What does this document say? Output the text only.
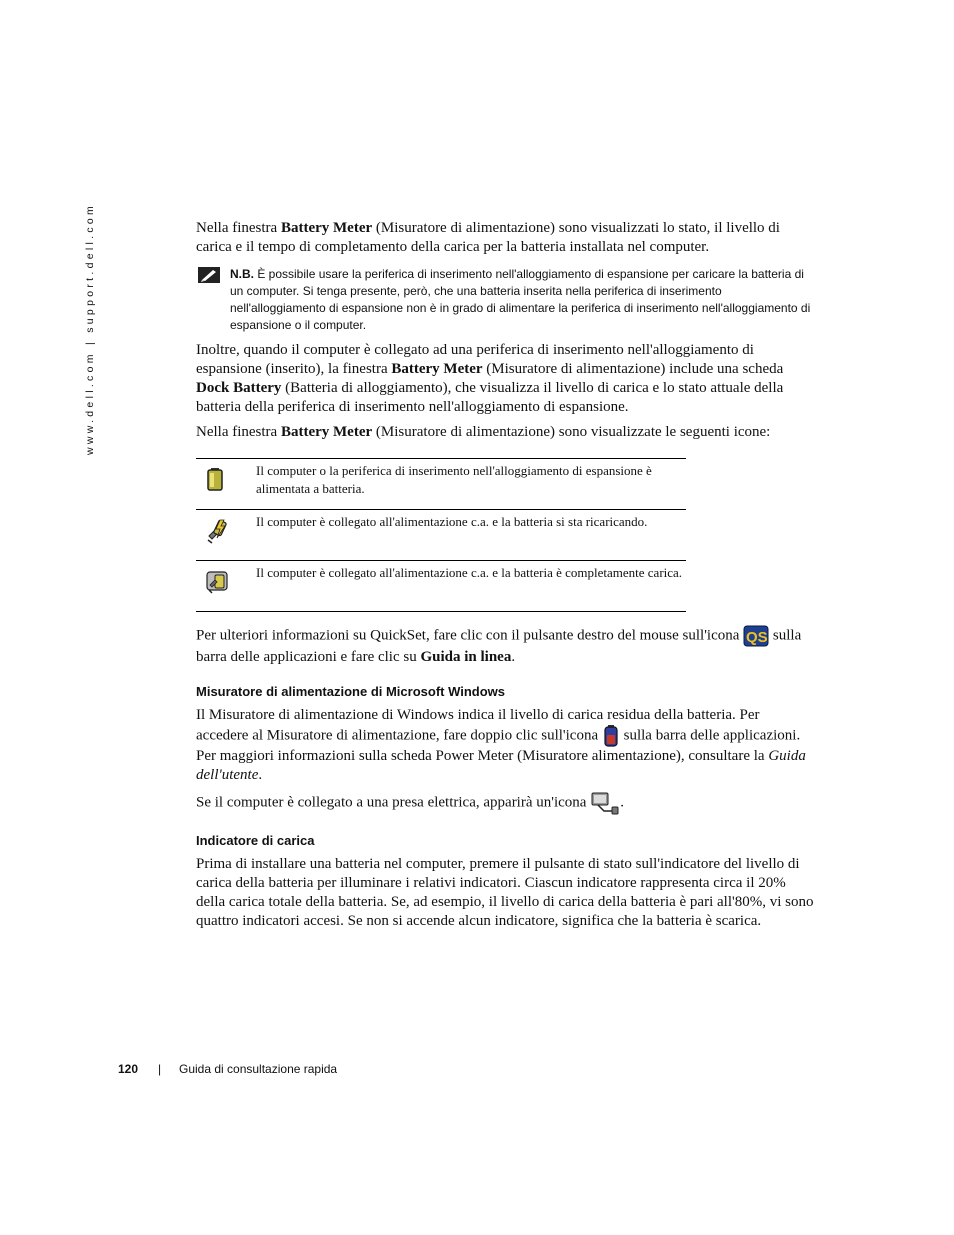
www.dell.com | support.dell.com	Nella finestra Battery Meter (Misuratore di alimentazione) sono visualizzati lo stato, il livello di carica e il tempo di completamento della carica per la batteria installata nel computer.

N.B. È possibile usare la periferica di inserimento nell'alloggiamento di espansione per caricare la batteria di un computer. Si tenga presente, però, che una batteria inserita nella periferica di inserimento nell'alloggiamento di espansione non è in grado di alimentare la periferica di inserimento nell'alloggiamento di espansione o il computer.

Inoltre, quando il computer è collegato ad una periferica di inserimento nell'alloggiamento di espansione (inserito), la finestra Battery Meter (Misuratore di alimentazione) include una scheda Dock Battery (Batteria di alloggiamento), che visualizza il livello di carica e lo stato attuale della batteria della periferica di inserimento nell'alloggiamento di espansione.

Nella finestra Battery Meter (Misuratore di alimentazione) sono visualizzate le seguenti icone:

	Il computer o la periferica di inserimento nell'alloggiamento di espansione è alimentata a batteria.
	Il computer è collegato all'alimentazione c.a. e la batteria si sta ricaricando.
	Il computer è collegato all'alimentazione c.a. e la batteria è completamente carica.

Per ulteriori informazioni su QuickSet, fare clic con il pulsante destro del mouse sull'icona QS sulla barra delle applicazioni e fare clic su Guida in linea.

Misuratore di alimentazione di Microsoft Windows

Il Misuratore di alimentazione di Windows indica il livello di carica residua della batteria. Per accedere al Misuratore di alimentazione, fare doppio clic sull'icona  sulla barra delle applicazioni. Per maggiori informazioni sulla scheda Power Meter (Misuratore alimentazione), consultare la Guida dell'utente.

Se il computer è collegato a una presa elettrica, apparirà un'icona .

Indicatore di carica

Prima di installare una batteria nel computer, premere il pulsante di stato sull'indicatore del livello di carica della batteria per illuminare i relativi indicatori. Ciascun indicatore rappresenta circa il 20% della carica totale della batteria. Se, ad esempio, il livello di carica della batteria è pari all'80%, vi sono quattro indicatori accesi. Se non si accende alcun indicatore, significa che la batteria è scarica.

120 | Guida di consultazione rapida
